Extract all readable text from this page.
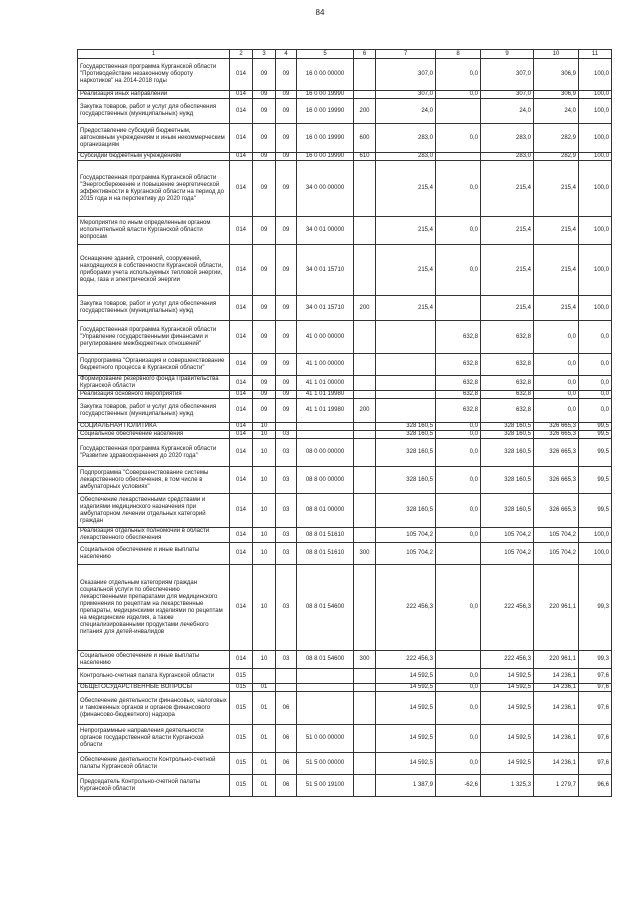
84
1	2	3	4	5	6	7	8	9	10	11
Государственная программа Курганской области "Противодействие незаконному обороту наркотиков" на 2014-2018 годы	014	09	09	16 0 00 00000		307,0	0,0	307,0	306,9	100,0
Реализация иных направлений	014	09	09	16 0 00 19990		307,0	0,0	307,0	306,9	100,0
Закупка товаров, работ и услуг для обеспечения государственных (муниципальных) нужд	014	09	09	16 0 00 19990	200	24,0		24,0	24,0	100,0
Предоставление субсидий бюджетным, автономным учреждениям и иным некоммерческим организациям	014	09	09	16 0 00 19990	600	283,0	0,0	283,0	282,9	100,0
Субсидии бюджетным учреждениям	014	09	09	16 0 00 19990	610	283,0		283,0	282,9	100,0
Государственная программа Курганской области "Энергосбережение и повышение энергетической эффективности в Курганской области на период до 2015 года и на перспективу до 2020 года"	014	09	09	34 0 00 00000		215,4	0,0	215,4	215,4	100,0
Мероприятия по иным определенным органом исполнительной власти Курганской области вопросам	014	09	09	34 0 01 00000		215,4	0,0	215,4	215,4	100,0
Оснащение зданий, строений, сооружений, находящихся в собственности Курганской области, приборами учета используемых тепловой энергии, воды, газа и электрической энергии	014	09	09	34 0 01 15710		215,4	0,0	215,4	215,4	100,0
Закупка товаров, работ и услуг для обеспечения государственных (муниципальных) нужд	014	09	09	34 0 01 15710	200	215,4		215,4	215,4	100,0
Государственная программа Курганской области "Управление государственными финансами и регулирование межбюджетных отношений"	014	09	09	41 0 00 00000			632,8	632,8	0,0	0,0
Подпрограмма "Организация и совершенствование бюджетного процесса в Курганской области"	014	09	09	41 1 00 00000			632,8	632,8	0,0	0,0
Формирование резервного фонда Правительства Курганской области	014	09	09	41 1 01 00000			632,8	632,8	0,0	0,0
Реализация основного мероприятия	014	09	09	41 1 01 19980			632,8	632,8	0,0	0,0
Закупка товаров, работ и услуг для обеспечения государственных (муниципальных) нужд	014	09	09	41 1 01 19980	200		632,8	632,8	0,0	0,0
СОЦИАЛЬНАЯ ПОЛИТИКА	014	10				328 160,5	0,0	328 160,5	326 665,3	99,5
Социальное обеспечение населения	014	10	03			328 160,5	0,0	328 160,5	326 665,3	99,5
Государственная программа Курганской области "Развитие здравоохранения до 2020 года"	014	10	03	08 0 00 00000		328 160,5	0,0	328 160,5	326 665,3	99,5
Подпрограмма "Совершенствование системы лекарственного обеспечения, в том числе в амбулаторных условиях"	014	10	03	08 8 00 00000		328 160,5	0,0	328 160,5	326 665,3	99,5
Обеспечение лекарственными средствами и изделиями медицинского назначения при амбулаторном лечении отдельных категорий граждан	014	10	03	08 8 01 00000		328 160,5	0,0	328 160,5	326 665,3	99,5
Реализация отдельных полномочий в области лекарственного обеспечения	014	10	03	08 8 01 51610		105 704,2	0,0	105 704,2	105 704,2	100,0
Социальное обеспечение и иные выплаты населению	014	10	03	08 8 01 51610	300	105 704,2		105 704,2	105 704,2	100,0
Оказание отдельным категориям граждан социальной услуги по обеспечению лекарственными препаратами для медицинского применения по рецептам на лекарственные препараты, медицинскими изделиями по рецептам на медицинские изделия, а также специализированными продуктами лечебного питания для детей-инвалидов	014	10	03	08 8 01 54600		222 456,3	0,0	222 456,3	220 961,1	99,3
Социальное обеспечение и иные выплаты населению	014	10	03	08 8 01 54600	300	222 456,3		222 456,3	220 961,1	99,3
Контрольно-счетная палата Курганской области	015					14 592,5	0,0	14 592,5	14 236,1	97,6
ОБЩЕГОСУДАРСТВЕННЫЕ ВОПРОСЫ	015	01				14 592,5	0,0	14 592,5	14 236,1	97,6
Обеспечение деятельности финансовых, налоговых и таможенных органов и органов финансового (финансово-бюджетного) надзора	015	01	06			14 592,5	0,0	14 592,5	14 236,1	97,6
Непрограммные направления деятельности органов государственной власти Курганской области	015	01	06	51 0 00 00000		14 592,5	0,0	14 592,5	14 236,1	97,6
Обеспечение деятельности Контрольно-счетной палаты Курганской области	015	01	06	51 5 00 00000		14 592,5	0,0	14 592,5	14 236,1	97,6
Председатель Контрольно-счетной палаты Курганской области	015	01	06	51 5 00 19100		1 387,9	-62,6	1 325,3	1 279,7	96,6
